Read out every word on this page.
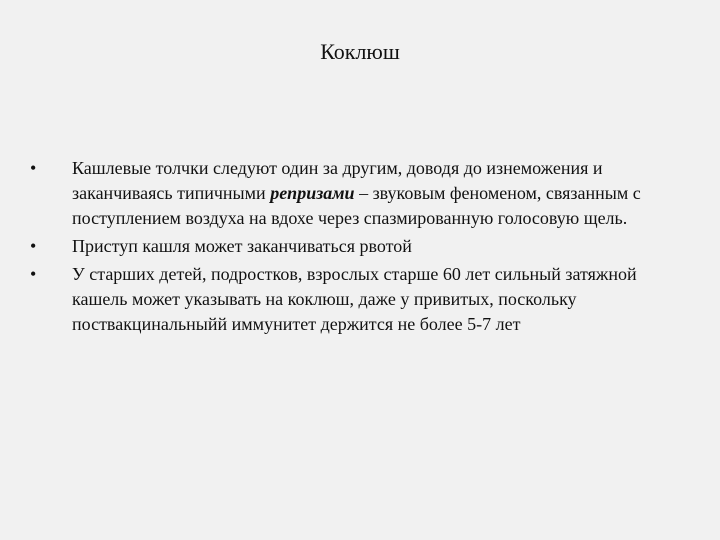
Коклюш
•	Кашлевые толчки следуют один за другим, доводя до изнеможения и заканчиваясь типичными репризами – звуковым феноменом, связанным с поступлением воздуха на вдохе через спазмированную голосовую щель.
•	Приступ кашля может заканчиваться рвотой
•	У старших детей, подростков, взрослых старше 60 лет сильный затяжной кашель может указывать на коклюш, даже у привитых, поскольку поствакцинальныйй иммунитет держится не более 5-7 лет
